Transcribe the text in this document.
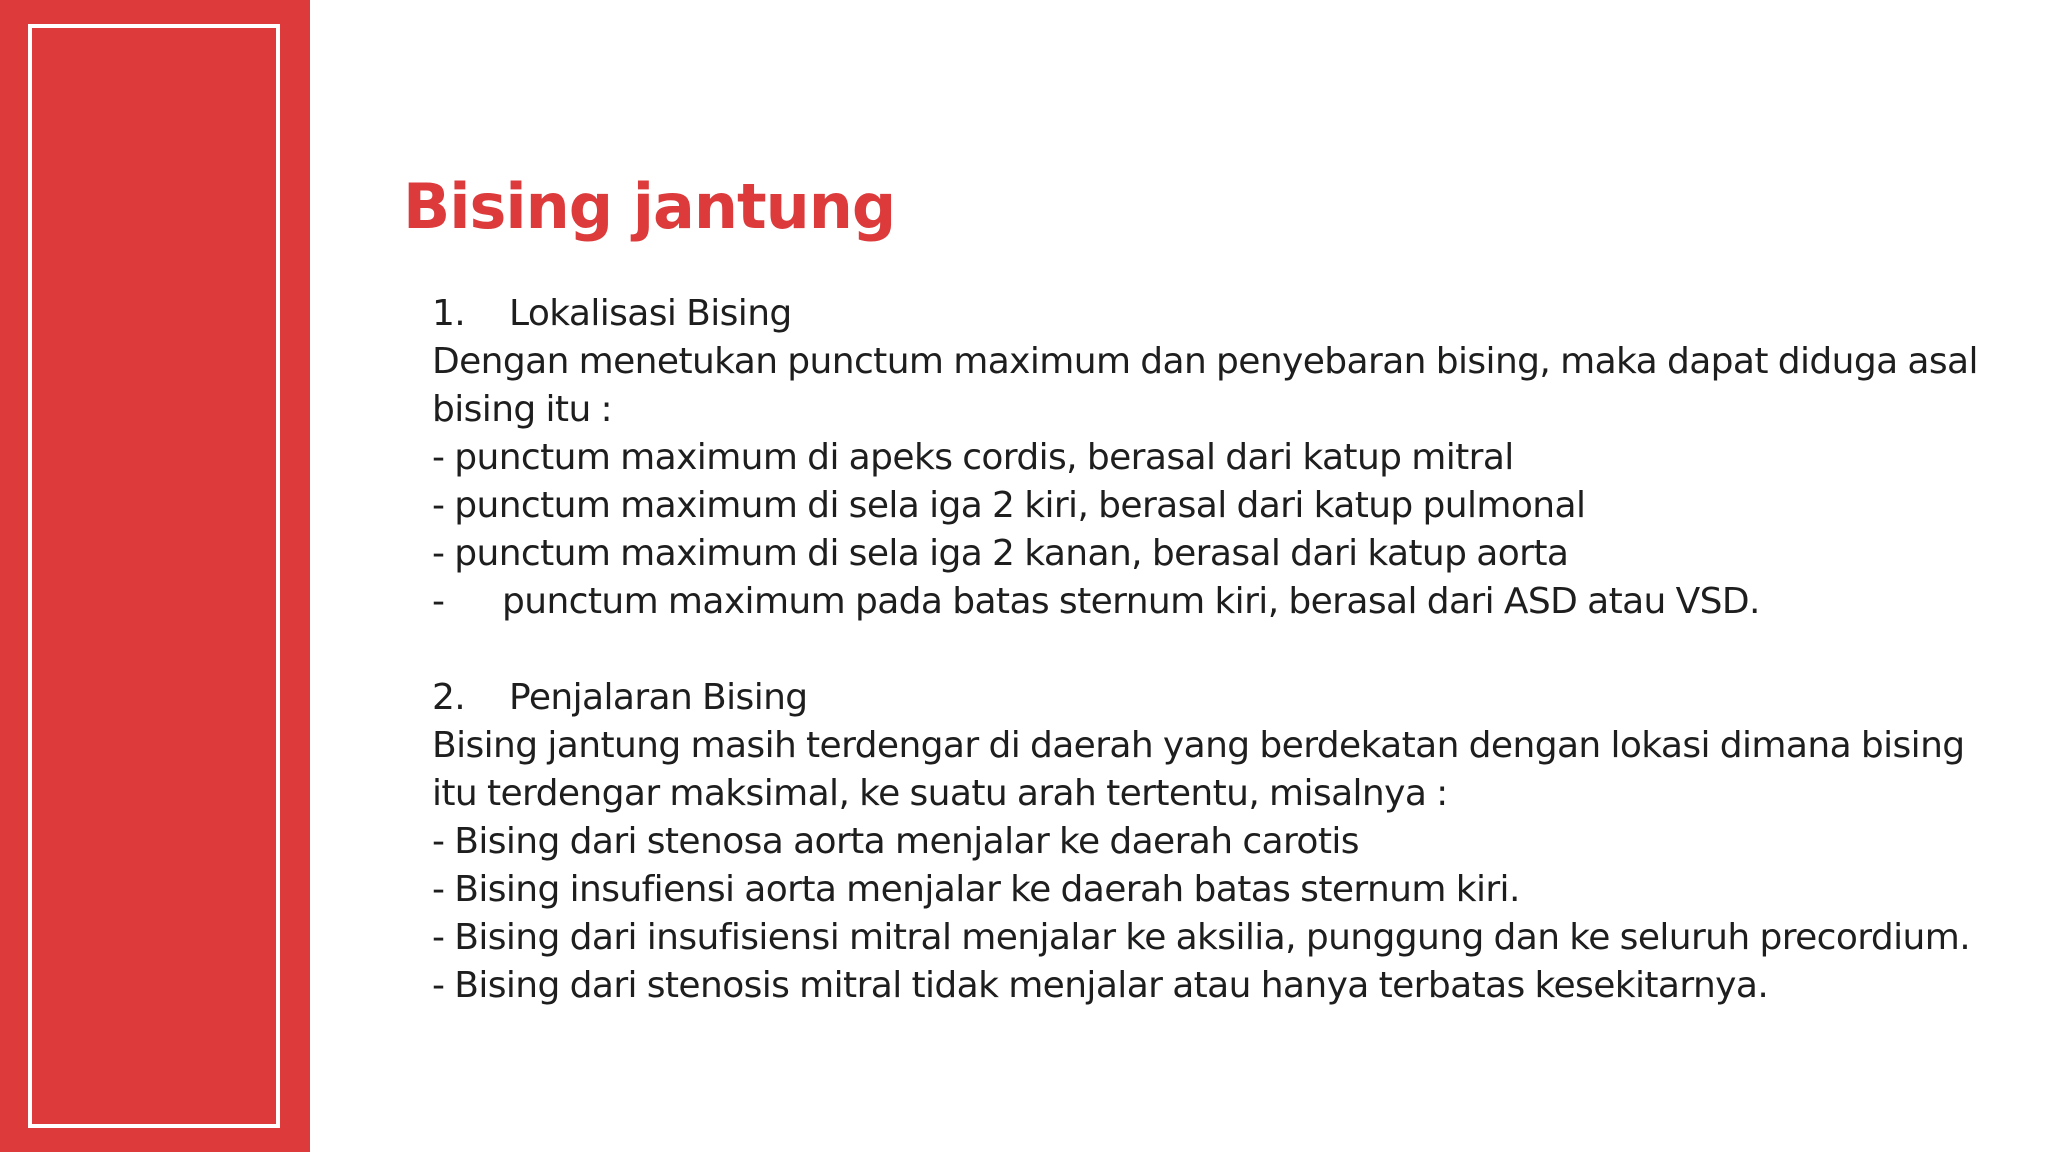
Bising jantung
1. Lokalisasi Bising
Dengan menetukan punctum maximum dan penyebaran bising, maka dapat diduga asal
bising itu :
- punctum maximum di apeks cordis, berasal dari katup mitral
- punctum maximum di sela iga 2 kiri, berasal dari katup pulmonal
- punctum maximum di sela iga 2 kanan, berasal dari katup aorta
- punctum maximum pada batas sternum kiri, berasal dari ASD atau VSD.
2. Penjalaran Bising
Bising jantung masih terdengar di daerah yang berdekatan dengan lokasi dimana bising
itu terdengar maksimal, ke suatu arah tertentu, misalnya :
- Bising dari stenosa aorta menjalar ke daerah carotis
- Bising insufiensi aorta menjalar ke daerah batas sternum kiri.
- Bising dari insufisiensi mitral menjalar ke aksilia, punggung dan ke seluruh precordium.
- Bising dari stenosis mitral tidak menjalar atau hanya terbatas kesekitarnya.
